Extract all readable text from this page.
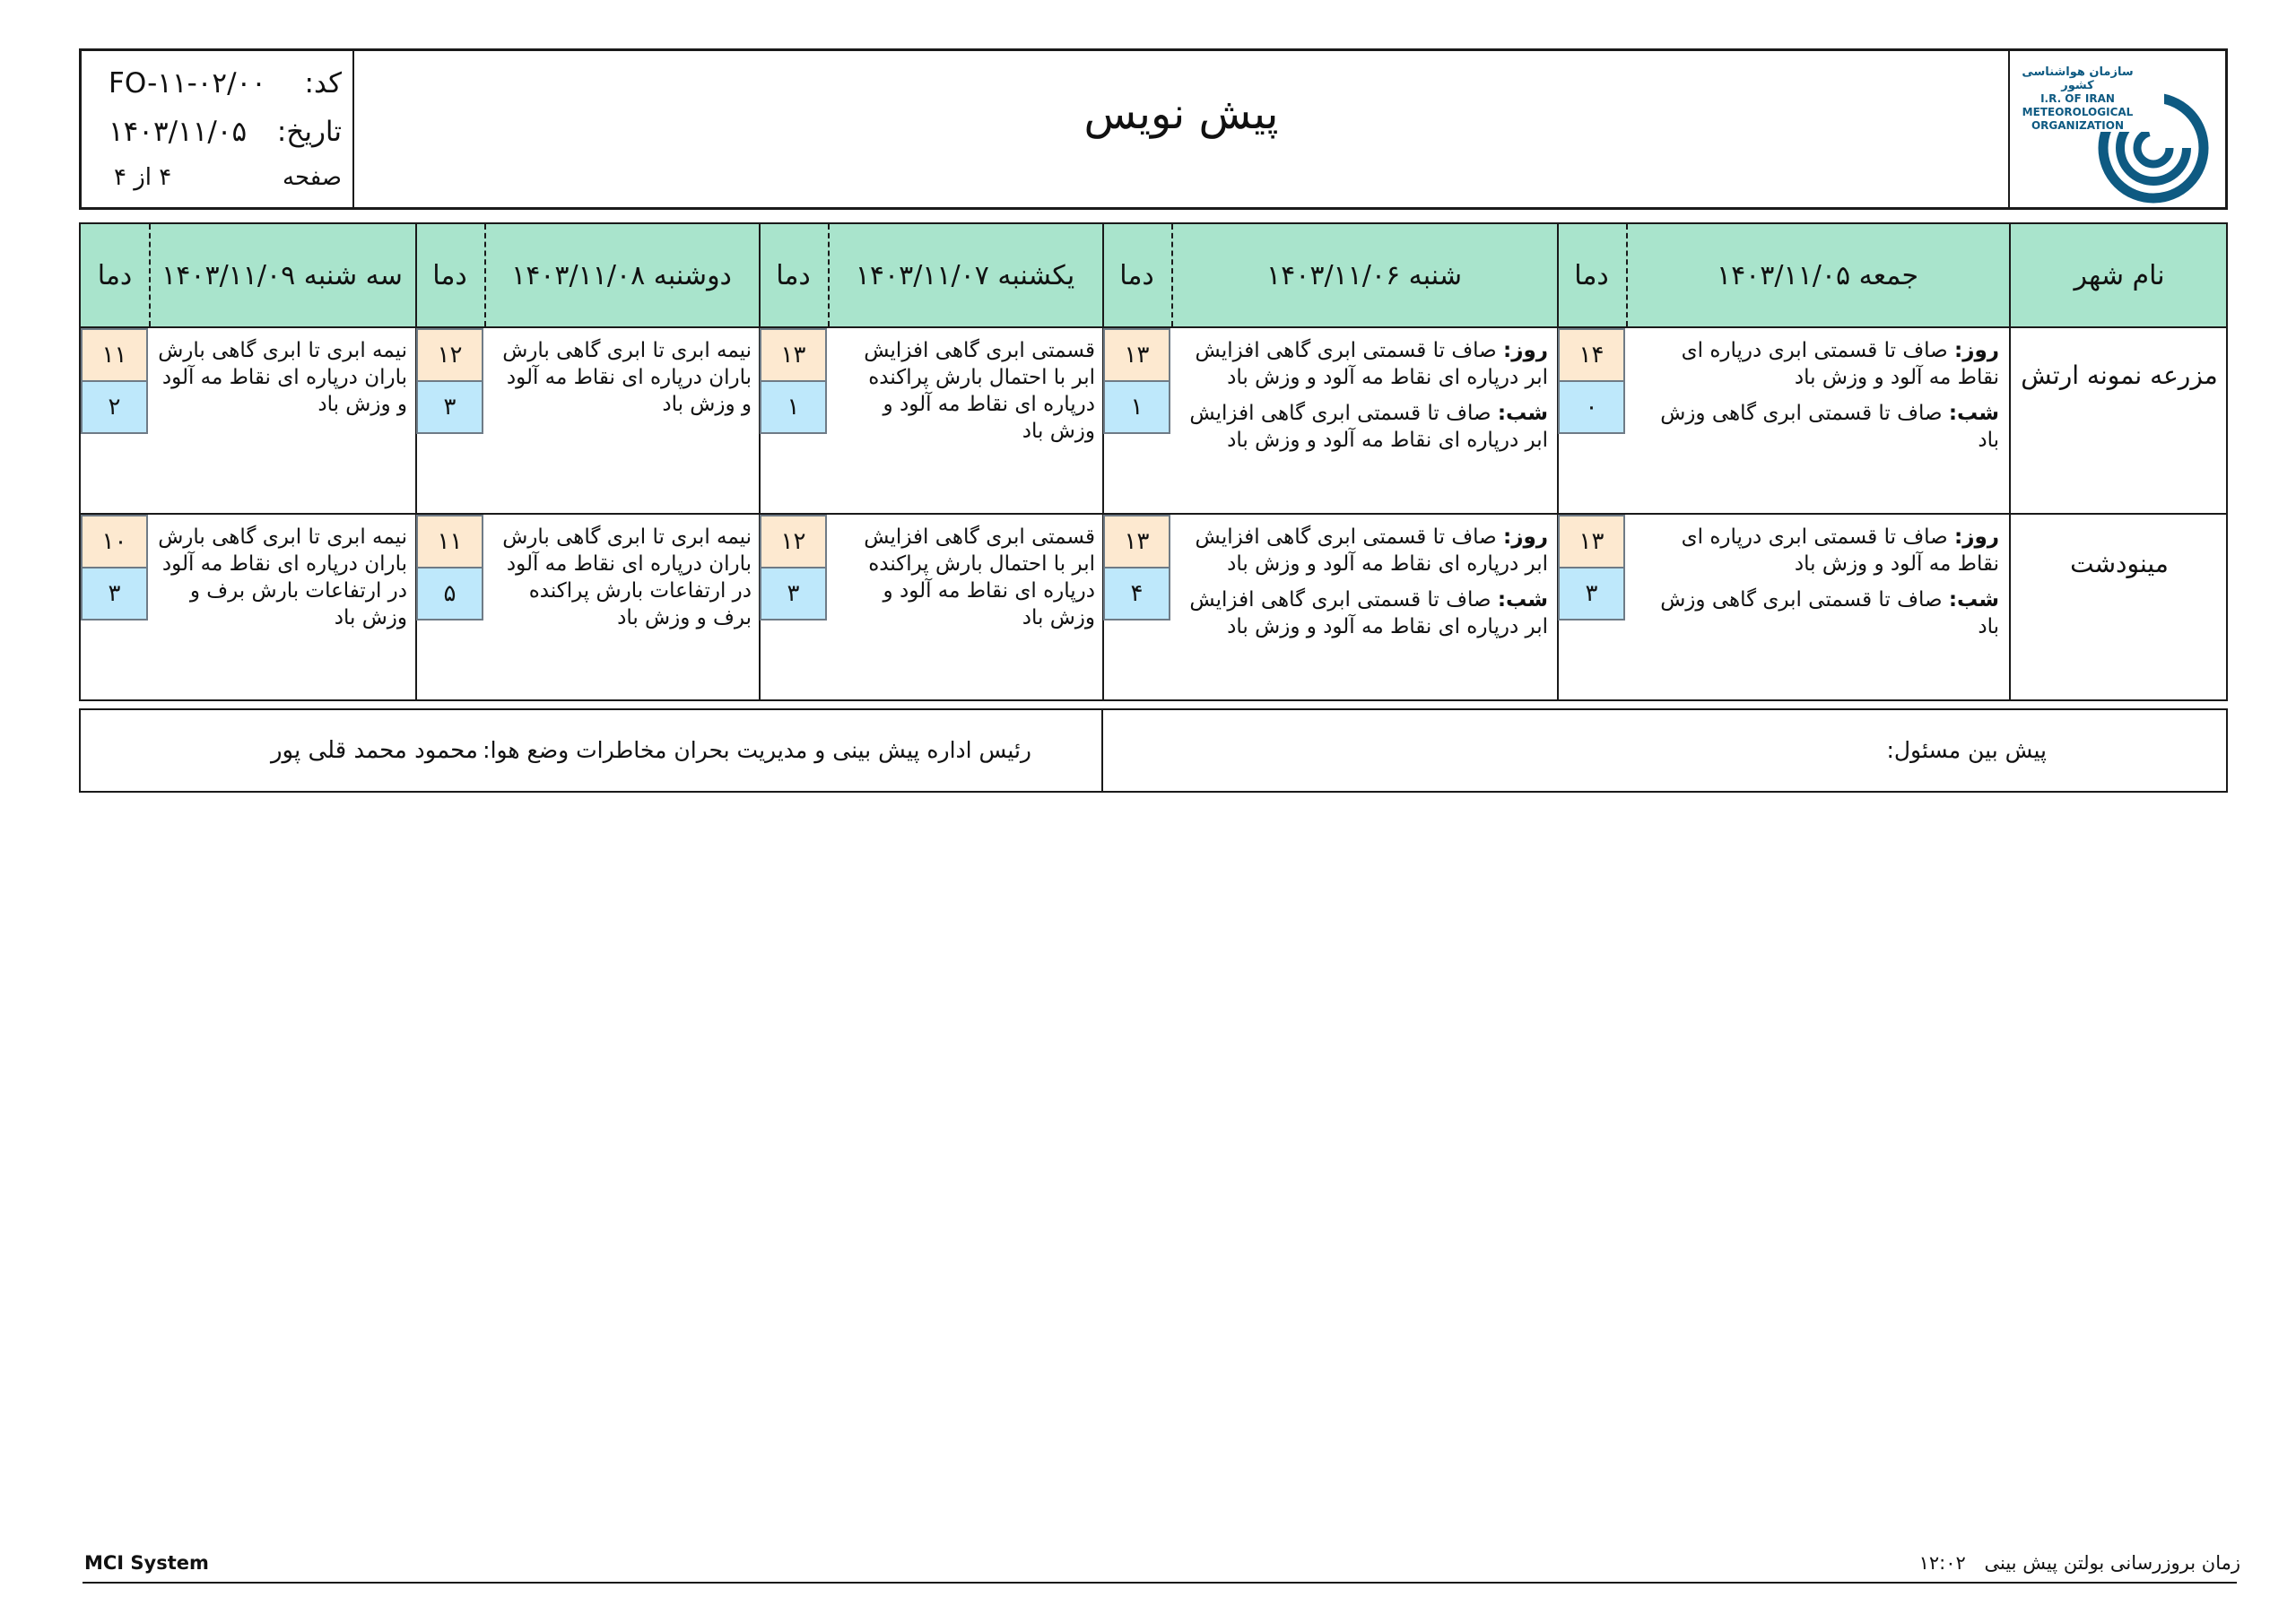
سازمان هواشناسی کشور
I.R. OF IRAN
METEOROLOGICAL
ORGANIZATION
پیش نویس
کد:
FO-۱۱-۰۲/۰۰
تاریخ:
۱۴۰۳/۱۱/۰۵
صفحه
۴ از ۴
نام شهر
جمعه ۱۴۰۳/۱۱/۰۵
دما
شنبه ۱۴۰۳/۱۱/۰۶
دما
یکشنبه ۱۴۰۳/۱۱/۰۷
دما
دوشنبه ۱۴۰۳/۱۱/۰۸
دما
سه شنبه ۱۴۰۳/۱۱/۰۹
دما
مزرعه نمونه ارتش
روز: صاف تا قسمتی ابری درپاره ای نقاط مه آلود و وزش باد
شب: صاف تا قسمتی ابری گاهی وزش باد
۱۴
۰
روز: صاف تا قسمتی ابری گاهی افزایش ابر درپاره ای نقاط مه آلود و وزش باد
شب: صاف تا قسمتی ابری گاهی افزایش ابر درپاره ای نقاط مه آلود و وزش باد
۱۳
۱
قسمتی ابری گاهی افزایش ابر با احتمال بارش پراکنده درپاره ای نقاط مه آلود و وزش باد
۱۳
۱
نیمه ابری تا ابری گاهی بارش باران درپاره ای نقاط مه آلود و وزش باد
۱۲
۳
نیمه ابری تا ابری گاهی بارش باران درپاره ای نقاط مه آلود و وزش باد
۱۱
۲
مینودشت
روز: صاف تا قسمتی ابری درپاره ای نقاط مه آلود و وزش باد
شب: صاف تا قسمتی ابری گاهی وزش باد
۱۳
۳
روز: صاف تا قسمتی ابری گاهی افزایش ابر درپاره ای نقاط مه آلود و وزش باد
شب: صاف تا قسمتی ابری گاهی افزایش ابر درپاره ای نقاط مه آلود و وزش باد
۱۳
۴
قسمتی ابری گاهی افزایش ابر با احتمال بارش پراکنده درپاره ای نقاط مه آلود و وزش باد
۱۲
۳
نیمه ابری تا ابری گاهی بارش باران درپاره ای نقاط مه آلود در ارتفاعات بارش پراکنده برف و وزش باد
۱۱
۵
نیمه ابری تا ابری گاهی بارش باران درپاره ای نقاط مه آلود در ارتفاعات بارش برف و وزش باد
۱۰
۳
پیش بین مسئول:
رئیس اداره پیش بینی و مدیریت بحران مخاطرات وضع هوا:
محمود محمد قلی پور
MCI System	زمان بروزرسانی بولتن پیش بینی ۱۲:۰۲
